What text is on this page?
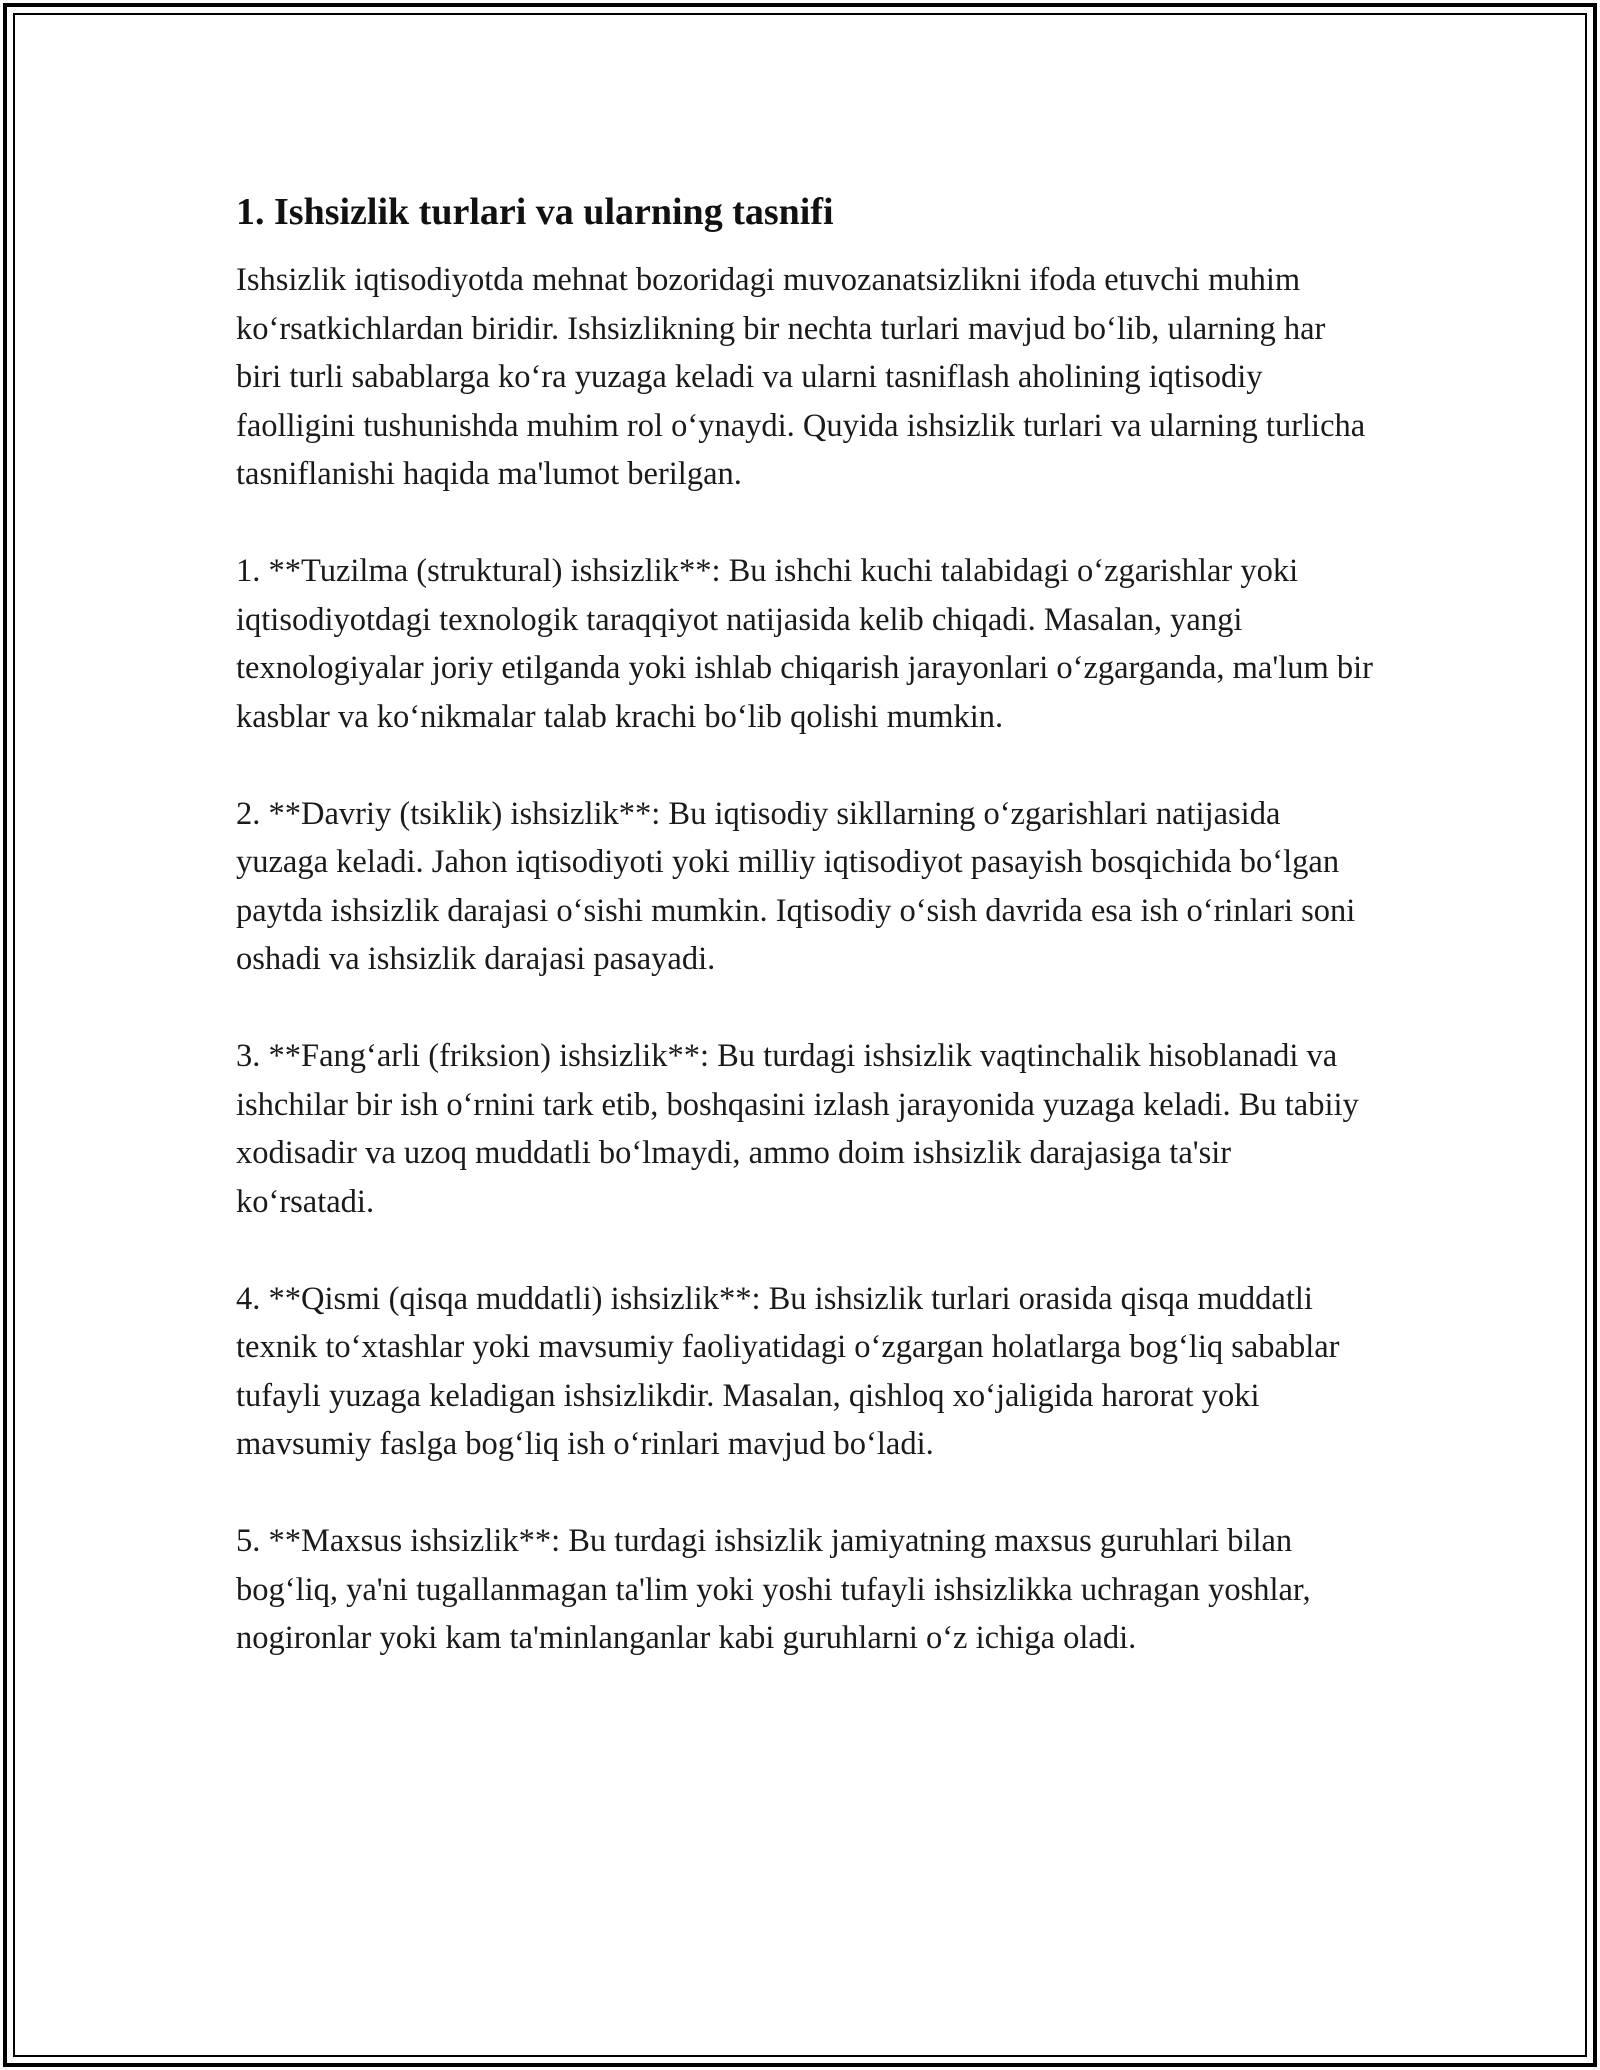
1. Ishsizlik turlari va ularning tasnifi

Ishsizlik iqtisodiyotda mehnat bozoridagi muvozanatsizlikni ifoda etuvchi muhim ko‘rsatkichlardan biridir. Ishsizlikning bir nechta turlari mavjud bo‘lib, ularning har biri turli sabablarga ko‘ra yuzaga keladi va ularni tasniflash aholining iqtisodiy faolligini tushunishda muhim rol o‘ynaydi. Quyida ishsizlik turlari va ularning turlicha tasniflanishi haqida ma'lumot berilgan.

1. **Tuzilma (struktural) ishsizlik**: Bu ishchi kuchi talabidagi o‘zgarishlar yoki iqtisodiyotdagi texnologik taraqqiyot natijasida kelib chiqadi. Masalan, yangi texnologiyalar joriy etilganda yoki ishlab chiqarish jarayonlari o‘zgarganda, ma'lum bir kasblar va ko‘nikmalar talab krachi bo‘lib qolishi mumkin.

2. **Davriy (tsiklik) ishsizlik**: Bu iqtisodiy sikllarning o‘zgarishlari natijasida yuzaga keladi. Jahon iqtisodiyoti yoki milliy iqtisodiyot pasayish bosqichida bo‘lgan paytda ishsizlik darajasi o‘sishi mumkin. Iqtisodiy o‘sish davrida esa ish o‘rinlari soni oshadi va ishsizlik darajasi pasayadi.

3. **Fang‘arli (friksion) ishsizlik**: Bu turdagi ishsizlik vaqtinchalik hisoblanadi va ishchilar bir ish o‘rnini tark etib, boshqasini izlash jarayonida yuzaga keladi. Bu tabiiy xodisadir va uzoq muddatli bo‘lmaydi, ammo doim ishsizlik darajasiga ta'sir ko‘rsatadi.

4. **Qismi (qisqa muddatli) ishsizlik**: Bu ishsizlik turlari orasida qisqa muddatli texnik to‘xtashlar yoki mavsumiy faoliyatidagi o‘zgargan holatlarga bog‘liq sabablar tufayli yuzaga keladigan ishsizlikdir. Masalan, qishloq xo‘jaligida harorat yoki mavsumiy faslga bog‘liq ish o‘rinlari mavjud bo‘ladi.

5. **Maxsus ishsizlik**: Bu turdagi ishsizlik jamiyatning maxsus guruhlari bilan bog‘liq, ya'ni tugallanmagan ta'lim yoki yoshi tufayli ishsizlikka uchragan yoshlar, nogironlar yoki kam ta'minlanganlar kabi guruhlarni o‘z ichiga oladi.
